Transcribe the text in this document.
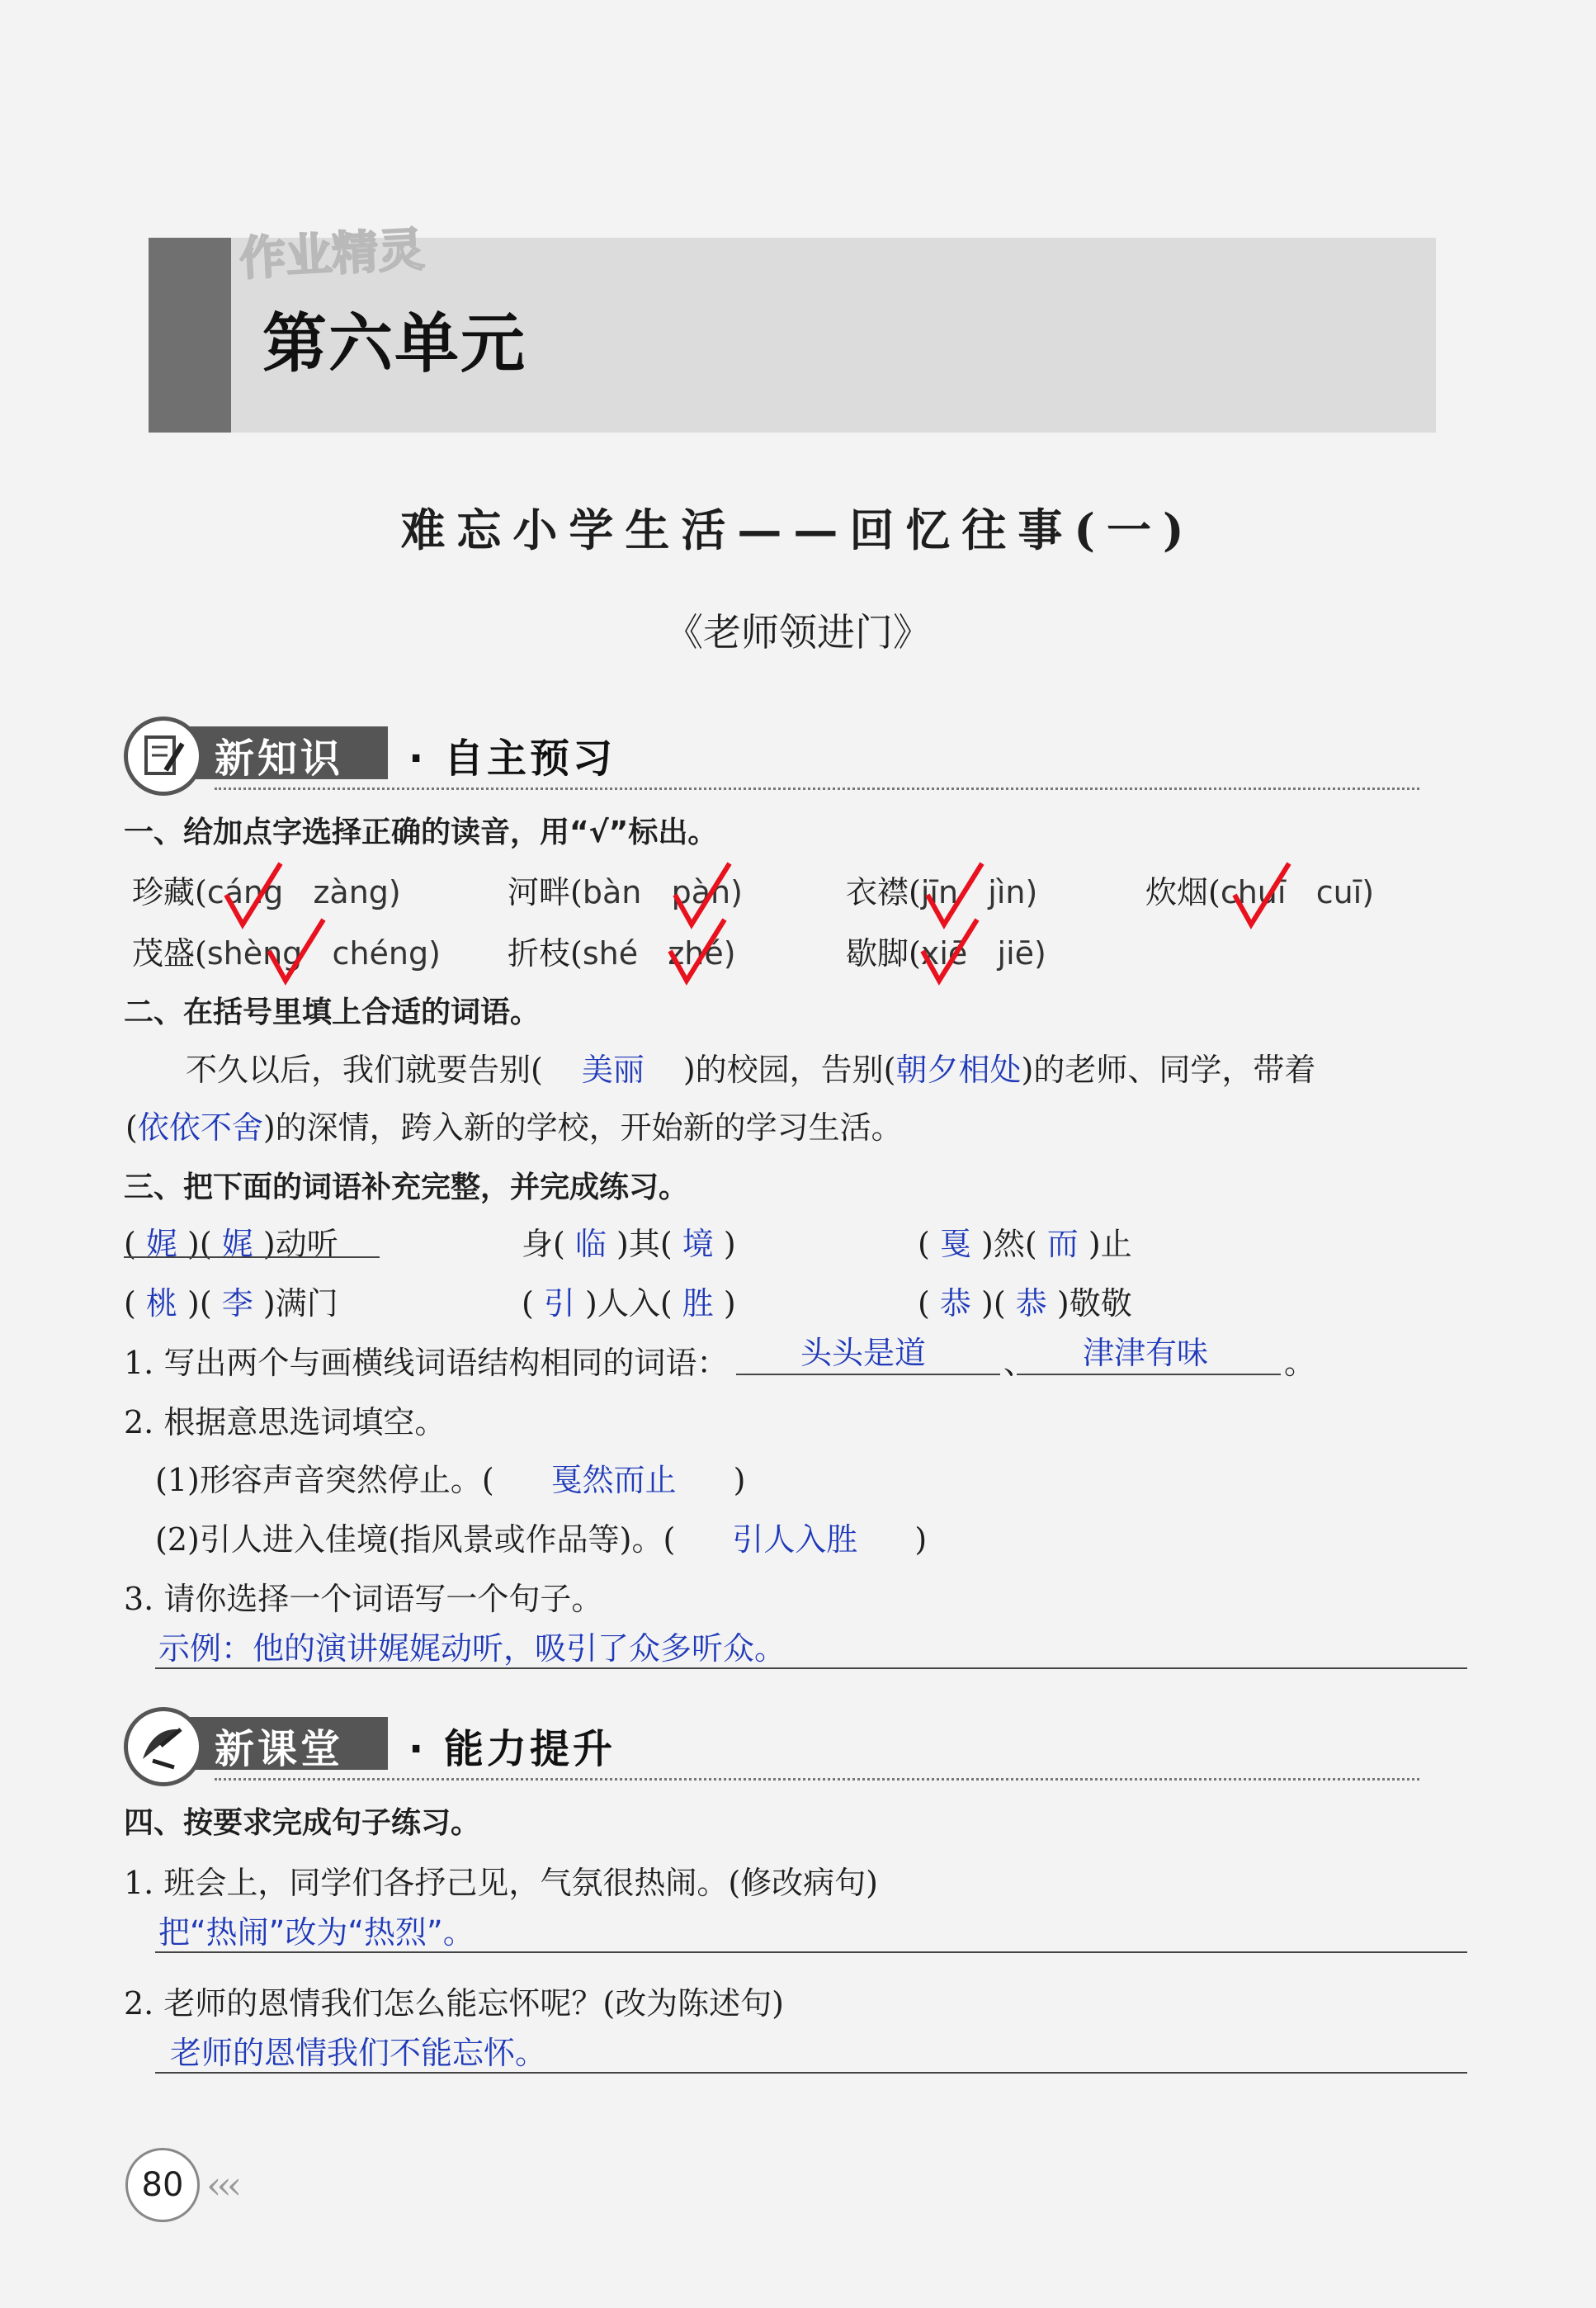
作业精灵
第六单元
难忘小学生活——回忆往事(一)
《老师领进门》
新知识 · 自主预习
一、给加点字选择正确的读音，用“√”标出。
珍藏(cáng zàng)	河畔(bàn pàn)	衣襟(jīn jìn)	炊烟(chuī cuī)
茂盛(shèng chéng) 折枝(shé zhé)	歇脚(xiē jiē)
二、在括号里填上合适的词语。
不久以后，我们就要告别( 美丽 )的校园，告别(朝夕相处)的老师、同学，带着
(依依不舍)的深情，跨入新的学校，开始新的学习生活。
三、把下面的词语补充完整，并完成练习。
( 娓 )( 娓 )动听	身( 临 )其( 境 )	( 戛 )然( 而 )止
( 桃 )( 李 )满门	( 引 )人入( 胜 )	( 恭 )( 恭 )敬敬
1. 写出两个与画横线词语结构相同的词语： 头头是道 、 津津有味 。
2. 根据意思选词填空。
(1)形容声音突然停止。( 戛然而止 )
(2)引人进入佳境(指风景或作品等)。( 引人入胜 )
3. 请你选择一个词语写一个句子。
示例：他的演讲娓娓动听，吸引了众多听众。
新课堂 · 能力提升
四、按要求完成句子练习。
1. 班会上，同学们各抒己见，气氛很热闹。(修改病句)
把“热闹”改为“热烈”。
2. 老师的恩情我们怎么能忘怀呢？(改为陈述句)
老师的恩情我们不能忘怀。
80 ‹‹‹
